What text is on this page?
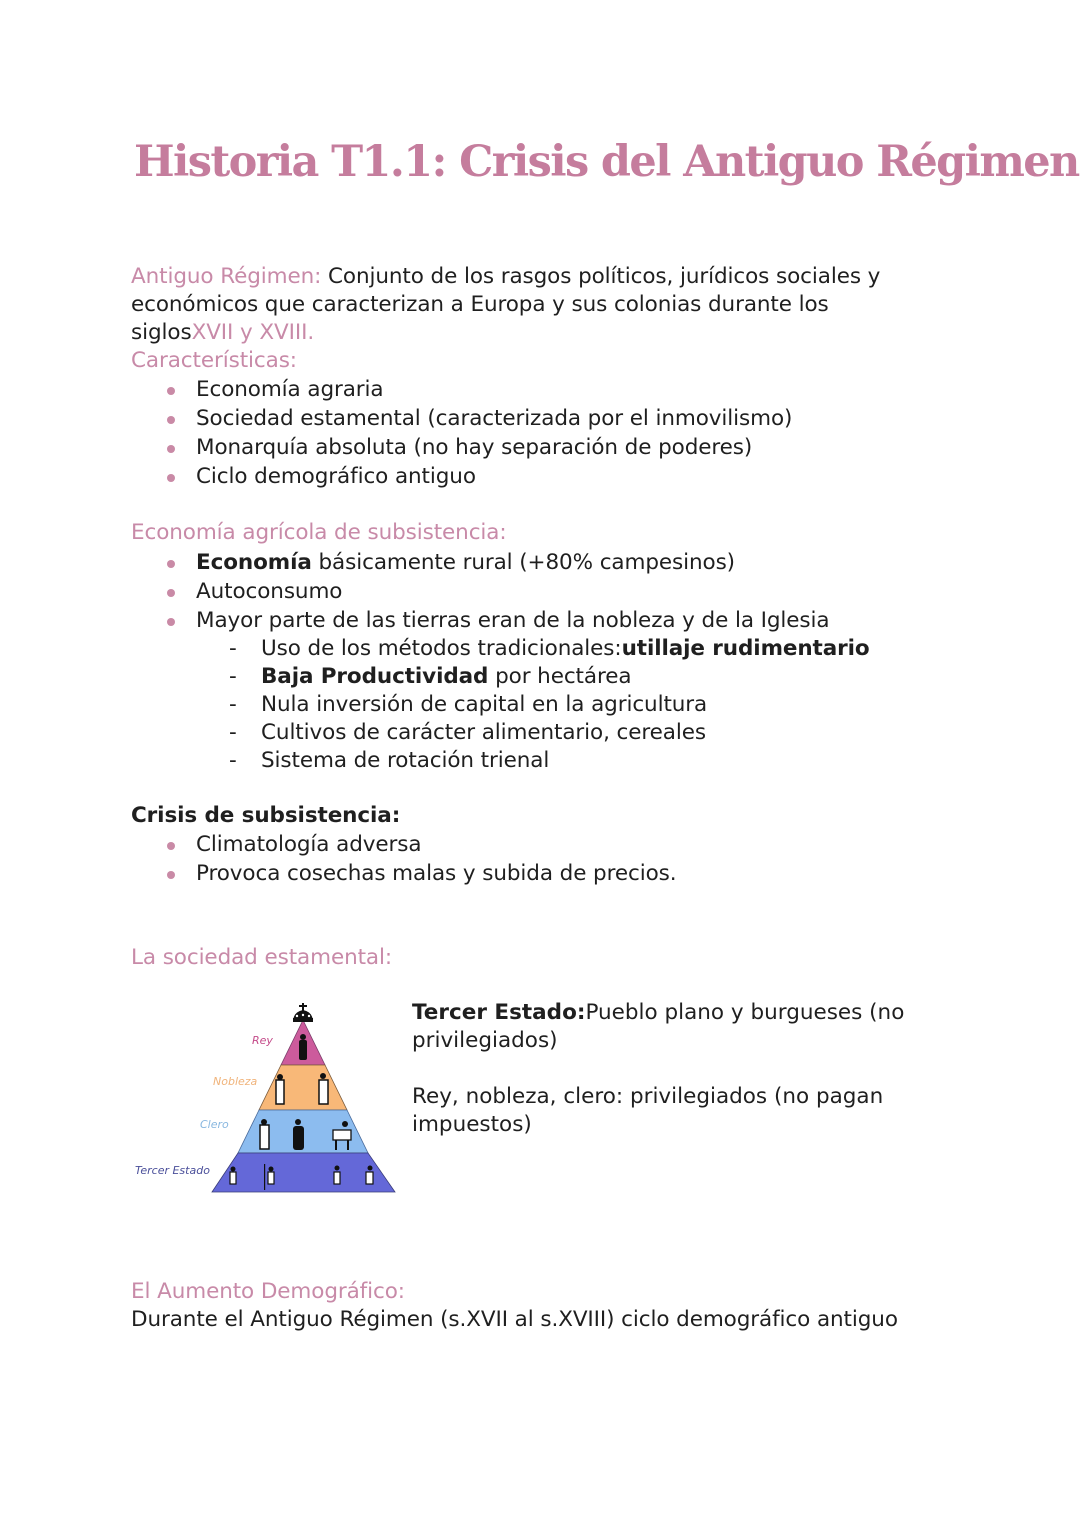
Historia T1.1: Crisis del Antiguo Régimen
Antiguo Régimen: Conjunto de los rasgos políticos, jurídicos sociales y
económicos que caracterizan a Europa y sus colonias durante los
siglosXVII y XVIII.
Características:
Economía agraria
Sociedad estamental (caracterizada por el inmovilismo)
Monarquía absoluta (no hay separación de poderes)
Ciclo demográfico antiguo
Economía agrícola de subsistencia:
Economía básicamente rural (+80% campesinos)
Autoconsumo
Mayor parte de las tierras eran de la nobleza y de la Iglesia
- Uso de los métodos tradicionales:utillaje rudimentario
- Baja Productividad por hectárea
- Nula inversión de capital en la agricultura
- Cultivos de carácter alimentario, cereales
- Sistema de rotación trienal
Crisis de subsistencia:
Climatología adversa
Provoca cosechas malas y subida de precios.
La sociedad estamental:
Rey
Nobleza
Clero
Tercer Estado

Tercer Estado:Pueblo plano y burgueses (no privilegiados)

Rey, nobleza, clero: privilegiados (no pagan impuestos)

El Aumento Demográfico:
Durante el Antiguo Régimen (s.XVII al s.XVIII) ciclo demográfico antiguo
